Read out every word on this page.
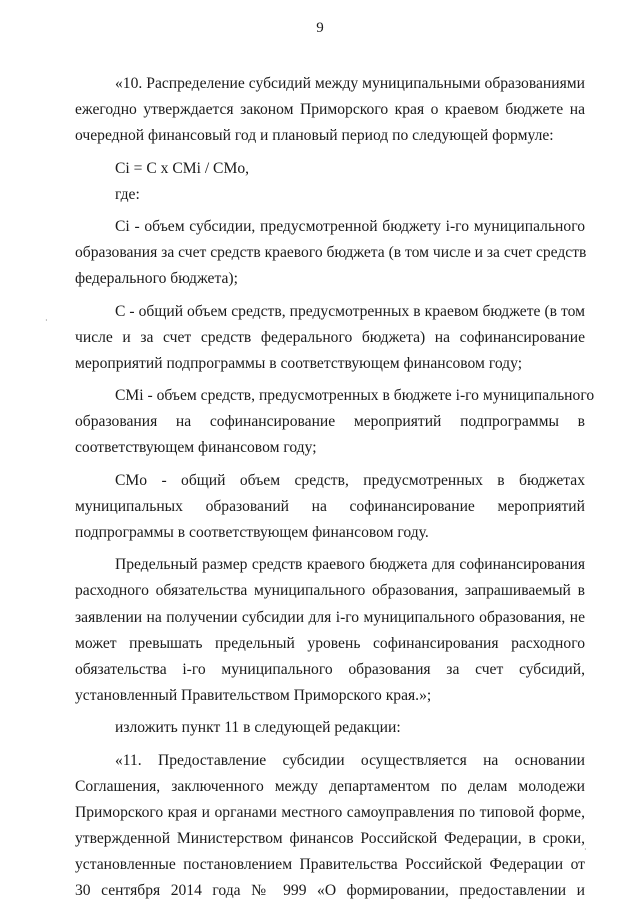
9
«10. Распределение субсидий между муниципальными образованиями
ежегодно утверждается законом Приморского края о краевом бюджете на
очередной финансовый год и плановый период по следующей формуле:
Ci = C x CMi / CMo,
где:
Ci - объем субсидии, предусмотренной бюджету i-го муниципального
образования за счет средств краевого бюджета (в том числе и за счет средств
федерального бюджета);
C - общий объем средств, предусмотренных в краевом бюджете (в том
числе и за счет средств федерального бюджета) на софинансирование
мероприятий подпрограммы в соответствующем финансовом году;
CMi - объем средств, предусмотренных в бюджете i-го муниципального
образования на софинансирование мероприятий подпрограммы в
соответствующем финансовом году;
CMo - общий объем средств, предусмотренных в бюджетах
муниципальных образований на софинансирование мероприятий
подпрограммы в соответствующем финансовом году.
Предельный размер средств краевого бюджета для софинансирования
расходного обязательства муниципального образования, запрашиваемый в
заявлении на получении субсидии для i-го муниципального образования, не
может превышать предельный уровень софинансирования расходного
обязательства i-го муниципального образования за счет субсидий,
установленный Правительством Приморского края.»;
изложить пункт 11 в следующей редакции:
«11. Предоставление субсидии осуществляется на основании
Соглашения, заключенного между департаментом по делам молодежи
Приморского края и органами местного самоуправления по типовой форме,
утвержденной Министерством финансов Российской Федерации, в сроки,
установленные постановлением Правительства Российской Федерации от
30 сентября 2014 года № 999 «О формировании, предоставлении и
·
·
